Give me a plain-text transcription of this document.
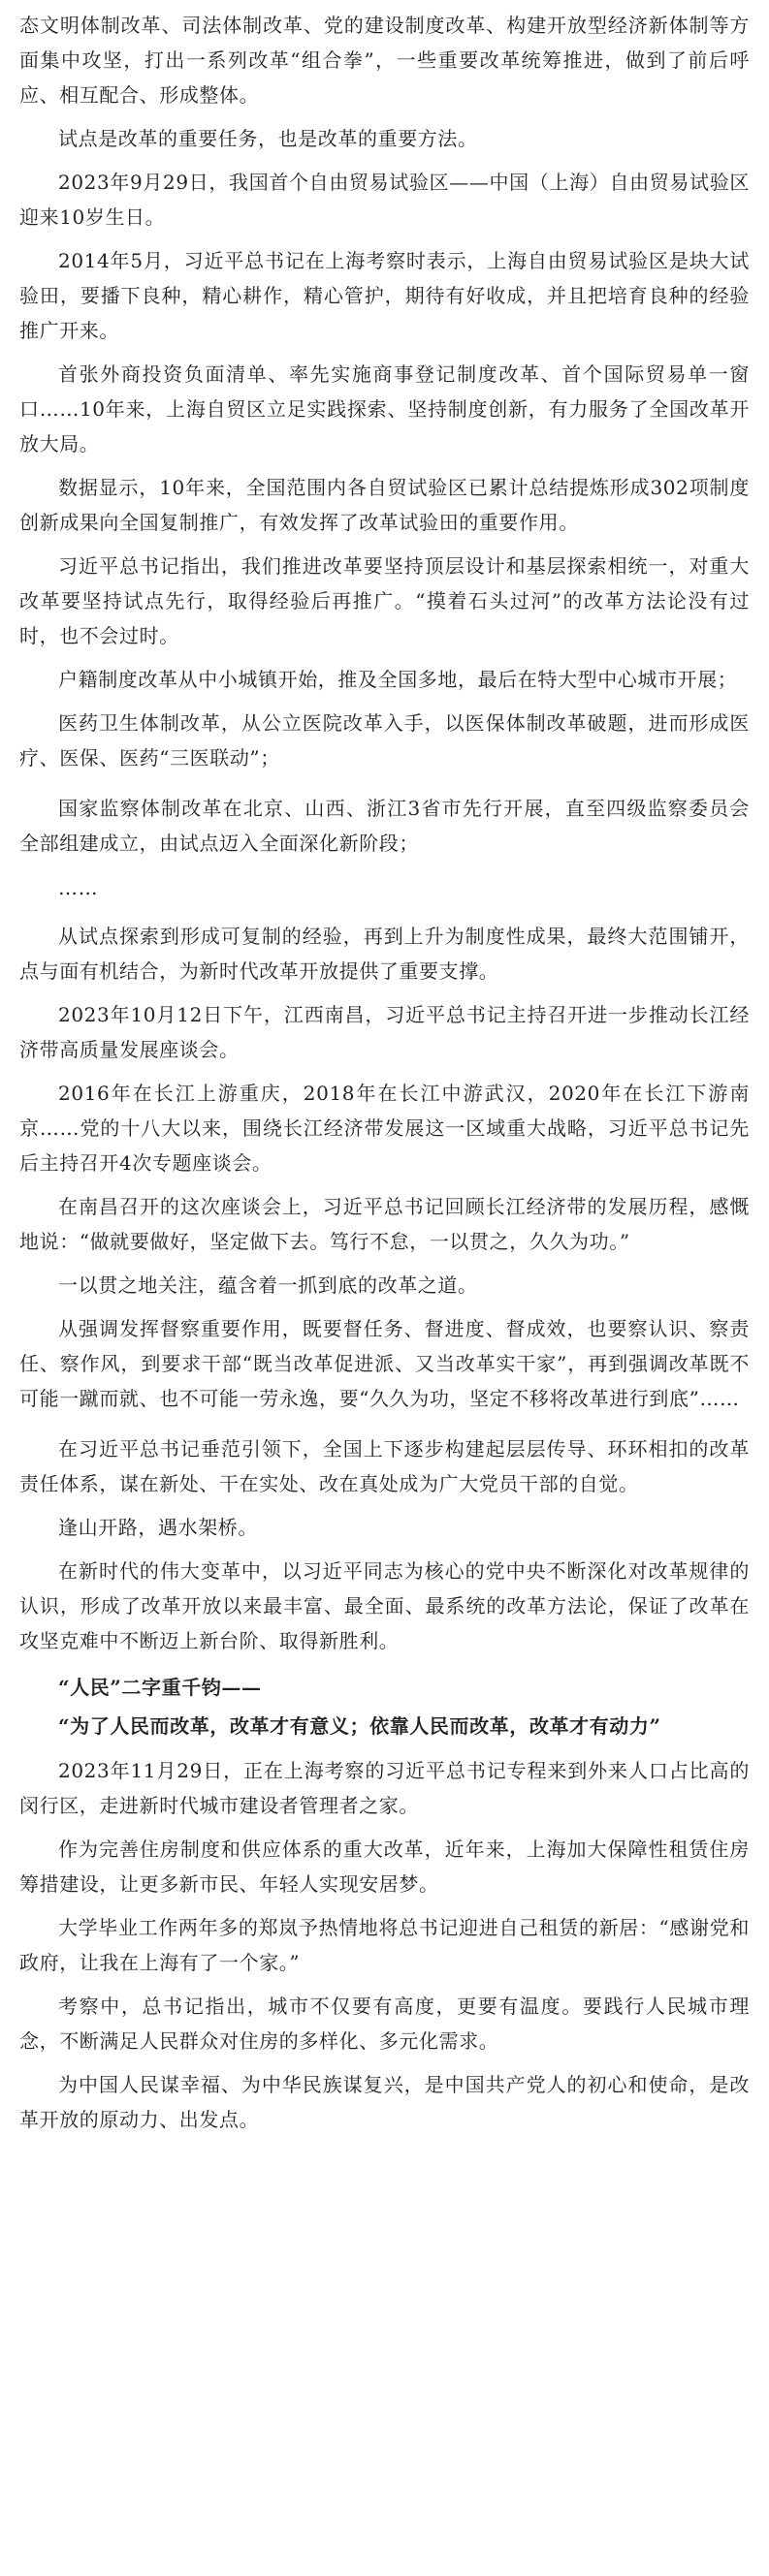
态文明体制改革、司法体制改革、党的建设制度改革、构建开放型经济新体制等方面集中攻坚，打出一系列改革“组合拳”，一些重要改革统筹推进，做到了前后呼应、相互配合、形成整体。

试点是改革的重要任务，也是改革的重要方法。

2023年9月29日，我国首个自由贸易试验区——中国（上海）自由贸易试验区迎来10岁生日。

2014年5月，习近平总书记在上海考察时表示，上海自由贸易试验区是块大试验田，要播下良种，精心耕作，精心管护，期待有好收成，并且把培育良种的经验推广开来。

首张外商投资负面清单、率先实施商事登记制度改革、首个国际贸易单一窗口……10年来，上海自贸区立足实践探索、坚持制度创新，有力服务了全国改革开放大局。

数据显示，10年来，全国范围内各自贸试验区已累计总结提炼形成302项制度创新成果向全国复制推广，有效发挥了改革试验田的重要作用。

习近平总书记指出，我们推进改革要坚持顶层设计和基层探索相统一，对重大改革要坚持试点先行，取得经验后再推广。“摸着石头过河”的改革方法论没有过时，也不会过时。

户籍制度改革从中小城镇开始，推及全国多地，最后在特大型中心城市开展；

医药卫生体制改革，从公立医院改革入手，以医保体制改革破题，进而形成医疗、医保、医药“三医联动”；

国家监察体制改革在北京、山西、浙江3省市先行开展，直至四级监察委员会全部组建成立，由试点迈入全面深化新阶段；

……

从试点探索到形成可复制的经验，再到上升为制度性成果，最终大范围铺开，点与面有机结合，为新时代改革开放提供了重要支撑。

2023年10月12日下午，江西南昌，习近平总书记主持召开进一步推动长江经济带高质量发展座谈会。

2016年在长江上游重庆，2018年在长江中游武汉，2020年在长江下游南京……党的十八大以来，围绕长江经济带发展这一区域重大战略，习近平总书记先后主持召开4次专题座谈会。

在南昌召开的这次座谈会上，习近平总书记回顾长江经济带的发展历程，感慨地说：“做就要做好，坚定做下去。笃行不怠，一以贯之，久久为功。”

一以贯之地关注，蕴含着一抓到底的改革之道。

从强调发挥督察重要作用，既要督任务、督进度、督成效，也要察认识、察责任、察作风，到要求干部“既当改革促进派、又当改革实干家”，再到强调改革既不可能一蹴而就、也不可能一劳永逸，要“久久为功，坚定不移将改革进行到底”……

在习近平总书记垂范引领下，全国上下逐步构建起层层传导、环环相扣的改革责任体系，谋在新处、干在实处、改在真处成为广大党员干部的自觉。

逢山开路，遇水架桥。

在新时代的伟大变革中，以习近平同志为核心的党中央不断深化对改革规律的认识，形成了改革开放以来最丰富、最全面、最系统的改革方法论，保证了改革在攻坚克难中不断迈上新台阶、取得新胜利。

“人民”二字重千钧——

“为了人民而改革，改革才有意义；依靠人民而改革，改革才有动力”

2023年11月29日，正在上海考察的习近平总书记专程来到外来人口占比高的闵行区，走进新时代城市建设者管理者之家。

作为完善住房制度和供应体系的重大改革，近年来，上海加大保障性租赁住房筹措建设，让更多新市民、年轻人实现安居梦。

大学毕业工作两年多的郑岚予热情地将总书记迎进自己租赁的新居：“感谢党和政府，让我在上海有了一个家。”

考察中，总书记指出，城市不仅要有高度，更要有温度。要践行人民城市理念，不断满足人民群众对住房的多样化、多元化需求。

为中国人民谋幸福、为中华民族谋复兴，是中国共产党人的初心和使命，是改革开放的原动力、出发点。
